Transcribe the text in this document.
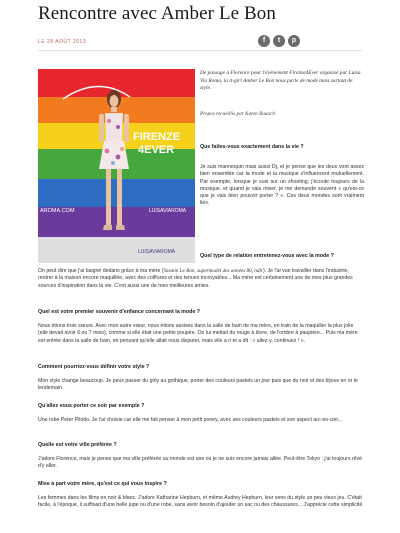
Rencontre avec Amber Le Bon
LE 28 AOÛT 2013	f	t	p
FIRENZE
4EVER
AROMA.COM	LUISAVIAROMA
LUISAVIAROMA
De passage à Florence pour l'événement Firenze4Ever organisé par Luisa Via Roma, la it-girl Amber Le Bon nous parle de mode mais surtout de style.
Propos recueillis par Karen Rouach
Que faites-vous exactement dans la vie ?
Je suis mannequin mais aussi Dj, et je pense que les deux vont assez bien ensemble car la mode et la musique s'influencent mutuellement. Par exemple, lorsque je suis sur un shooting, j'écoute toujours de la musique, et quand je vais mixer, je me demande souvent « qu'est-ce que je vais bien pouvoir porter ? ». Ces deux mondes sont vraiment liés.
Quel type de relation entretenez-vous avec la mode ?
On peut dire que j'ai baigné dedans grâce à ma mère (Yasmin Le Bon, supermodel des années 80, ndlr). Je l'ai vue travailler dans l'industrie, rentrer à la maison encore maquillée, avec des coiffures et des tenues incroyables... Ma mère est certainement une de mes plus grandes sources d'inspiration dans la vie. C'est aussi une de mes meilleures amies.
Quel est votre premier souvenir d'enfance concernant la mode ?
Nous étions trois sœurs. Avec mon autre sœur, nous étions assises dans la salle de bain de ma mère, en train de la maquiller la plus jolie (elle devait avoir 6 ou 7 mois), comme si elle était une petite poupée. On lui mettait du rouge à lèvre, de l'ombre à paupière... Puis ma mère est entrée dans la salle de bain, en pensant qu'elle allait nous disputer, mais elle a ri et a dit : « allez-y, continuez ! ».
Comment pourriez-vous définir votre style ?
Mon style change beaucoup. Je peux passer du girly au gothique, porter des couleurs pastels un jour puis que du noir et des bijoux en or le lendemain.
Qu'allez vous porter ce soir par exemple ?
Une robe Peter Pilotto. Je l'ai choisie car elle me fait penser à mon petit poney, avec ses couleurs pastels et son aspect arc-en-ciel...
Quelle est votre ville préférée ?
J'adore Florence, mais je pense que ma ville préférée au monde est une où je ne suis encore jamais allée. Peut-être Tokyo : j'ai toujours rêvé d'y aller.
Mise à part votre mère, qu'est ce qui vous inspire ?
Les femmes dans les films en noir & blanc. J'adore Katharine Hepburn, et même Audrey Hepburn, leur sens du style un peu vieux jeu. C'était facile, à l'époque, il suffisait d'une belle jupe ou d'une robe, sans avoir besoin d'ajouter un sac ou des chaussures... J'apprécie cette simplicité.
